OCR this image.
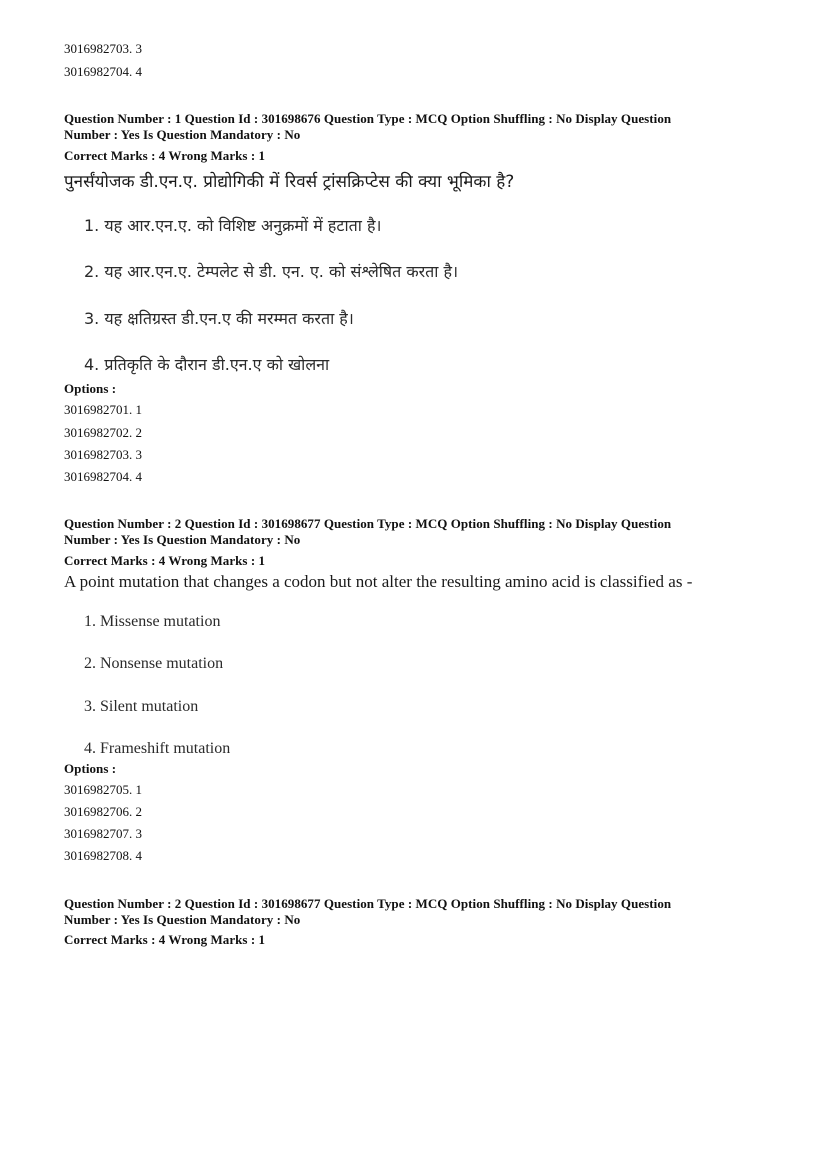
3016982703. 3
3016982704. 4
Question Number : 1 Question Id : 301698676 Question Type : MCQ Option Shuffling : No Display Question
Number : Yes Is Question Mandatory : No
Correct Marks : 4 Wrong Marks : 1
पुनर्संयोजक डी.एन.ए. प्रोद्योगिकी में रिवर्स ट्रांसक्रिप्टेस की क्या भूमिका है?
1. यह आर.एन.ए. को विशिष्ट अनुक्रमों में हटाता है।
2. यह आर.एन.ए. टेम्पलेट से डी. एन. ए. को संश्लेषित करता है।
3. यह क्षतिग्रस्त डी.एन.ए की मरम्मत करता है।
4. प्रतिकृति के दौरान डी.एन.ए को खोलना
Options :
3016982701. 1
3016982702. 2
3016982703. 3
3016982704. 4
Question Number : 2 Question Id : 301698677 Question Type : MCQ Option Shuffling : No Display Question
Number : Yes Is Question Mandatory : No
Correct Marks : 4 Wrong Marks : 1
A point mutation that changes a codon but not alter the resulting amino acid is classified as -
1. Missense mutation
2. Nonsense mutation
3. Silent mutation
4. Frameshift mutation
Options :
3016982705. 1
3016982706. 2
3016982707. 3
3016982708. 4
Question Number : 2 Question Id : 301698677 Question Type : MCQ Option Shuffling : No Display Question
Number : Yes Is Question Mandatory : No
Correct Marks : 4 Wrong Marks : 1
